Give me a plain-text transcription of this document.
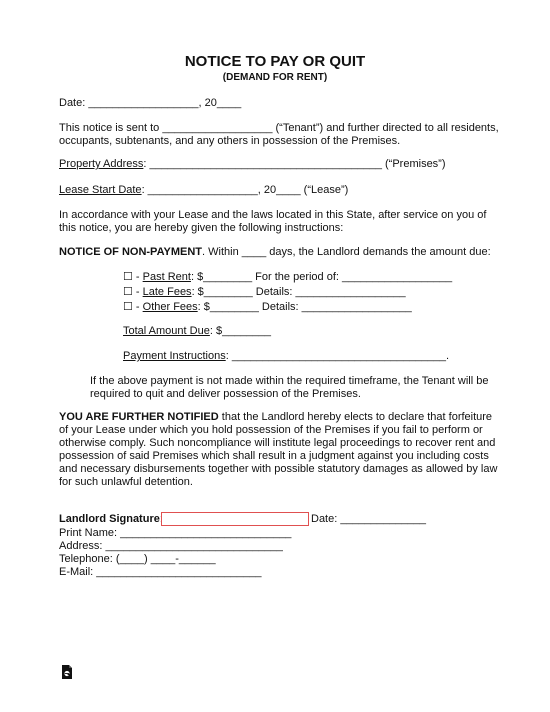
NOTICE TO PAY OR QUIT
(DEMAND FOR RENT)
Date: __________________, 20____
This notice is sent to __________________ (“Tenant”) and further directed to all residents,
occupants, subtenants, and any others in possession of the Premises.
Property Address: ______________________________________ (“Premises”)
Lease Start Date: __________________, 20____ (“Lease”)
In accordance with your Lease and the laws located in this State, after service on you of
this notice, you are hereby given the following instructions:
NOTICE OF NON-PAYMENT. Within ____ days, the Landlord demands the amount due:
☐ - Past Rent: $________ For the period of: __________________
☐ - Late Fees: $________ Details: __________________
☐ - Other Fees: $________ Details: __________________
Total Amount Due: $________
Payment Instructions: ___________________________________.
If the above payment is not made within the required timeframe, the Tenant will be
required to quit and deliver possession of the Premises.
YOU ARE FURTHER NOTIFIED that the Landlord hereby elects to declare that forfeiture
of your Lease under which you hold possession of the Premises if you fail to perform or
otherwise comply. Such noncompliance will institute legal proceedings to recover rent and
possession of said Premises which shall result in a judgment against you including costs
and necessary disbursements together with possible statutory damages as allowed by law
for such unlawful detention.
Landlord Signature	Date: ______________
Print Name: ____________________________
Address: _____________________________
Telephone: (____) ____-______
E-Mail: ___________________________
